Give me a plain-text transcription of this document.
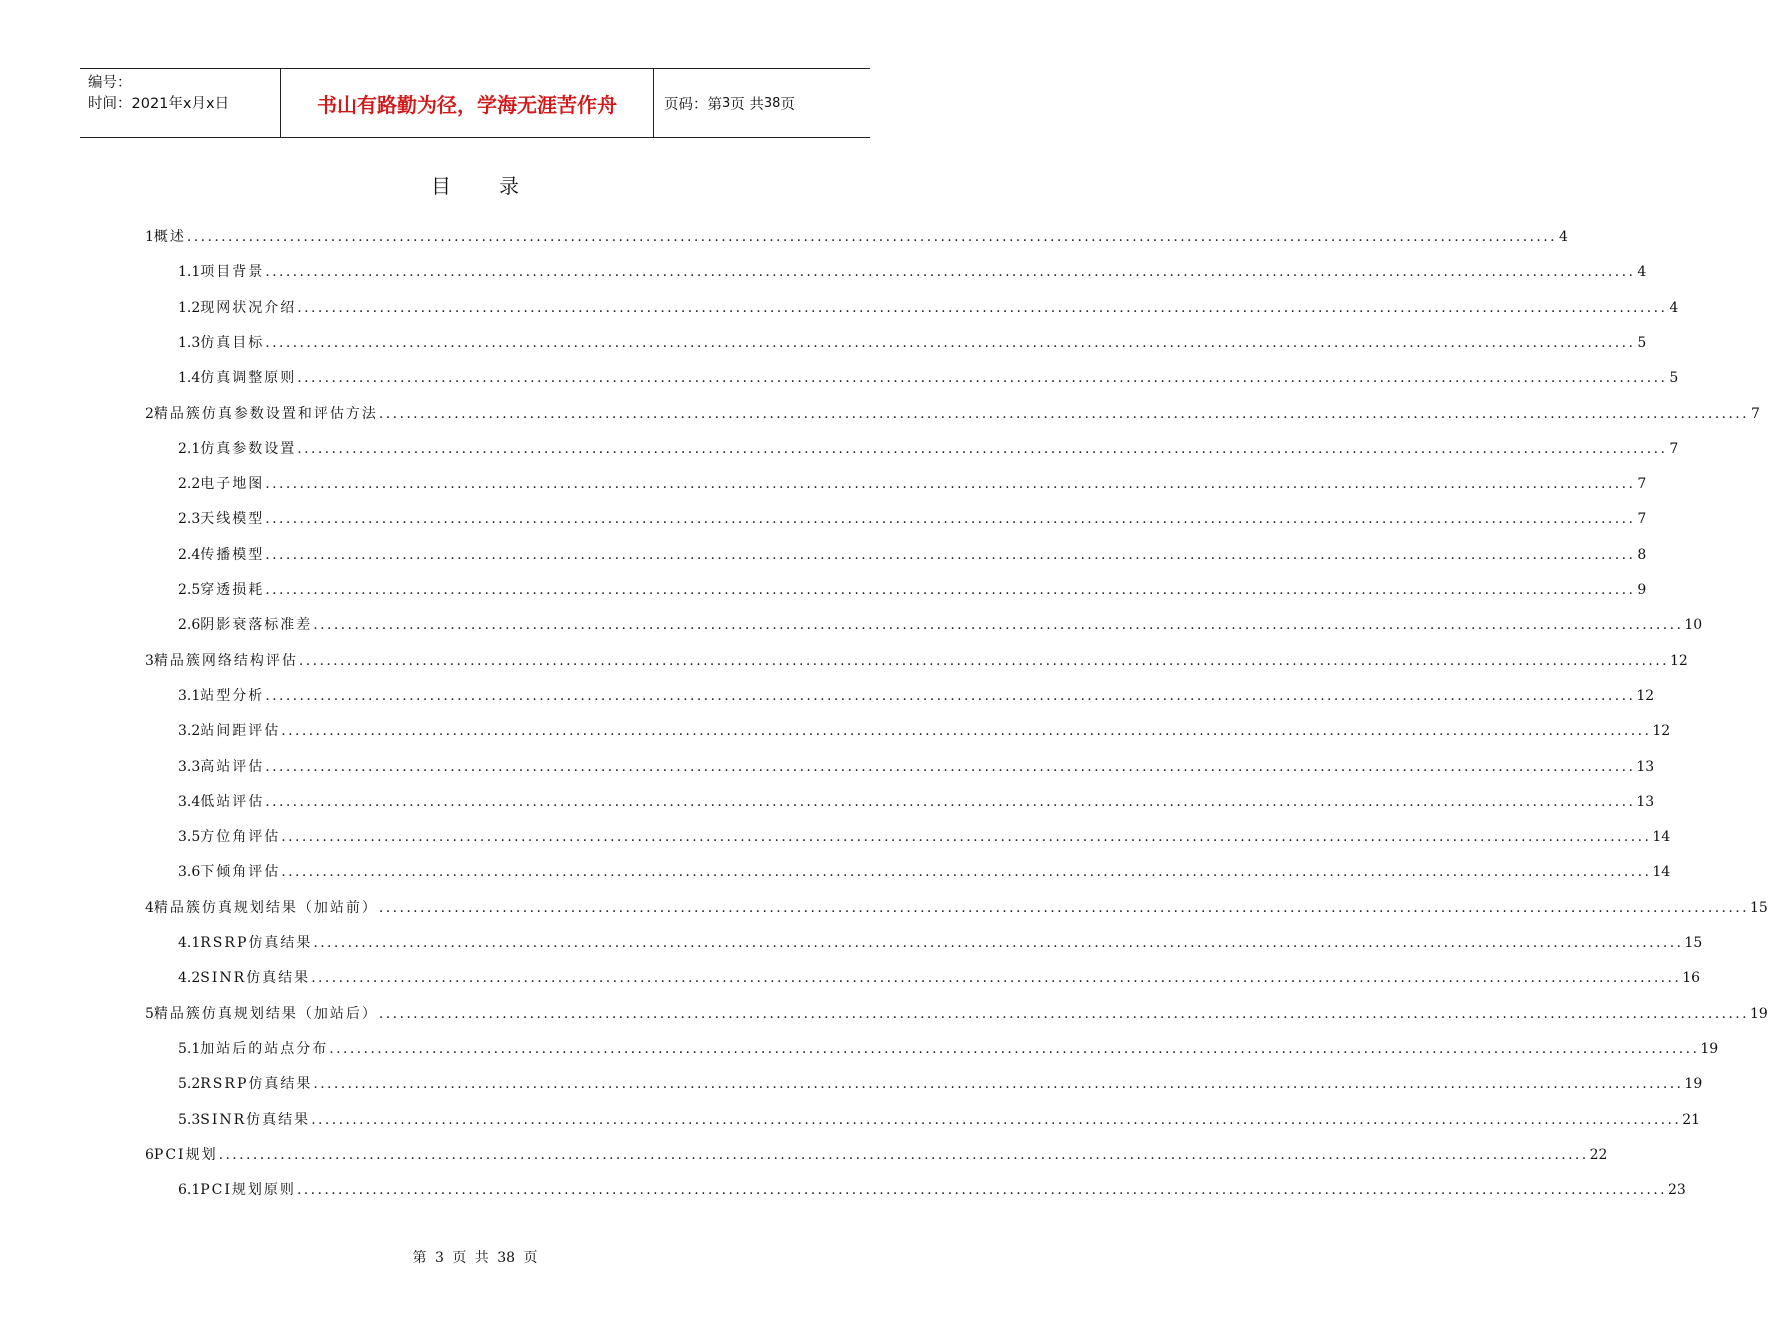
编号：
时间：2021年x月x日	书山有路勤为径，学海无涯苦作舟	页码：第 3 页 共 38 页
目录
1 概述 ........................................................................................................................................................................................................ 4
1.1 项目背景 ........................................................................................................................................................................................................ 4
1.2 现网状况介绍 ........................................................................................................................................................................................................ 4
1.3 仿真目标 ........................................................................................................................................................................................................ 5
1.4 仿真调整原则 ........................................................................................................................................................................................................ 5
2 精品簇仿真参数设置和评估方法 ........................................................................................................................................................................................................ 7
2.1 仿真参数设置 ........................................................................................................................................................................................................ 7
2.2 电子地图 ........................................................................................................................................................................................................ 7
2.3 天线模型 ........................................................................................................................................................................................................ 7
2.4 传播模型 ........................................................................................................................................................................................................ 8
2.5 穿透损耗 ........................................................................................................................................................................................................ 9
2.6 阴影衰落标准差 ........................................................................................................................................................................................................ 10
3 精品簇网络结构评估 ........................................................................................................................................................................................................ 12
3.1 站型分析 ........................................................................................................................................................................................................ 12
3.2 站间距评估 ........................................................................................................................................................................................................ 12
3.3 高站评估 ........................................................................................................................................................................................................ 13
3.4 低站评估 ........................................................................................................................................................................................................ 13
3.5 方位角评估 ........................................................................................................................................................................................................ 14
3.6 下倾角评估 ........................................................................................................................................................................................................ 14
4 精品簇仿真规划结果（加站前） ........................................................................................................................................................................................................ 15
4.1 RSRP仿真结果 ........................................................................................................................................................................................................ 15
4.2 SINR仿真结果 ........................................................................................................................................................................................................ 16
5 精品簇仿真规划结果（加站后） ........................................................................................................................................................................................................ 19
5.1 加站后的站点分布 ........................................................................................................................................................................................................ 19
5.2 RSRP仿真结果 ........................................................................................................................................................................................................ 19
5.3 SINR仿真结果 ........................................................................................................................................................................................................ 21
6 PCI规划 ........................................................................................................................................................................................................ 22
6.1 PCI规划原则 ........................................................................................................................................................................................................ 23
第 3 页 共 38 页
